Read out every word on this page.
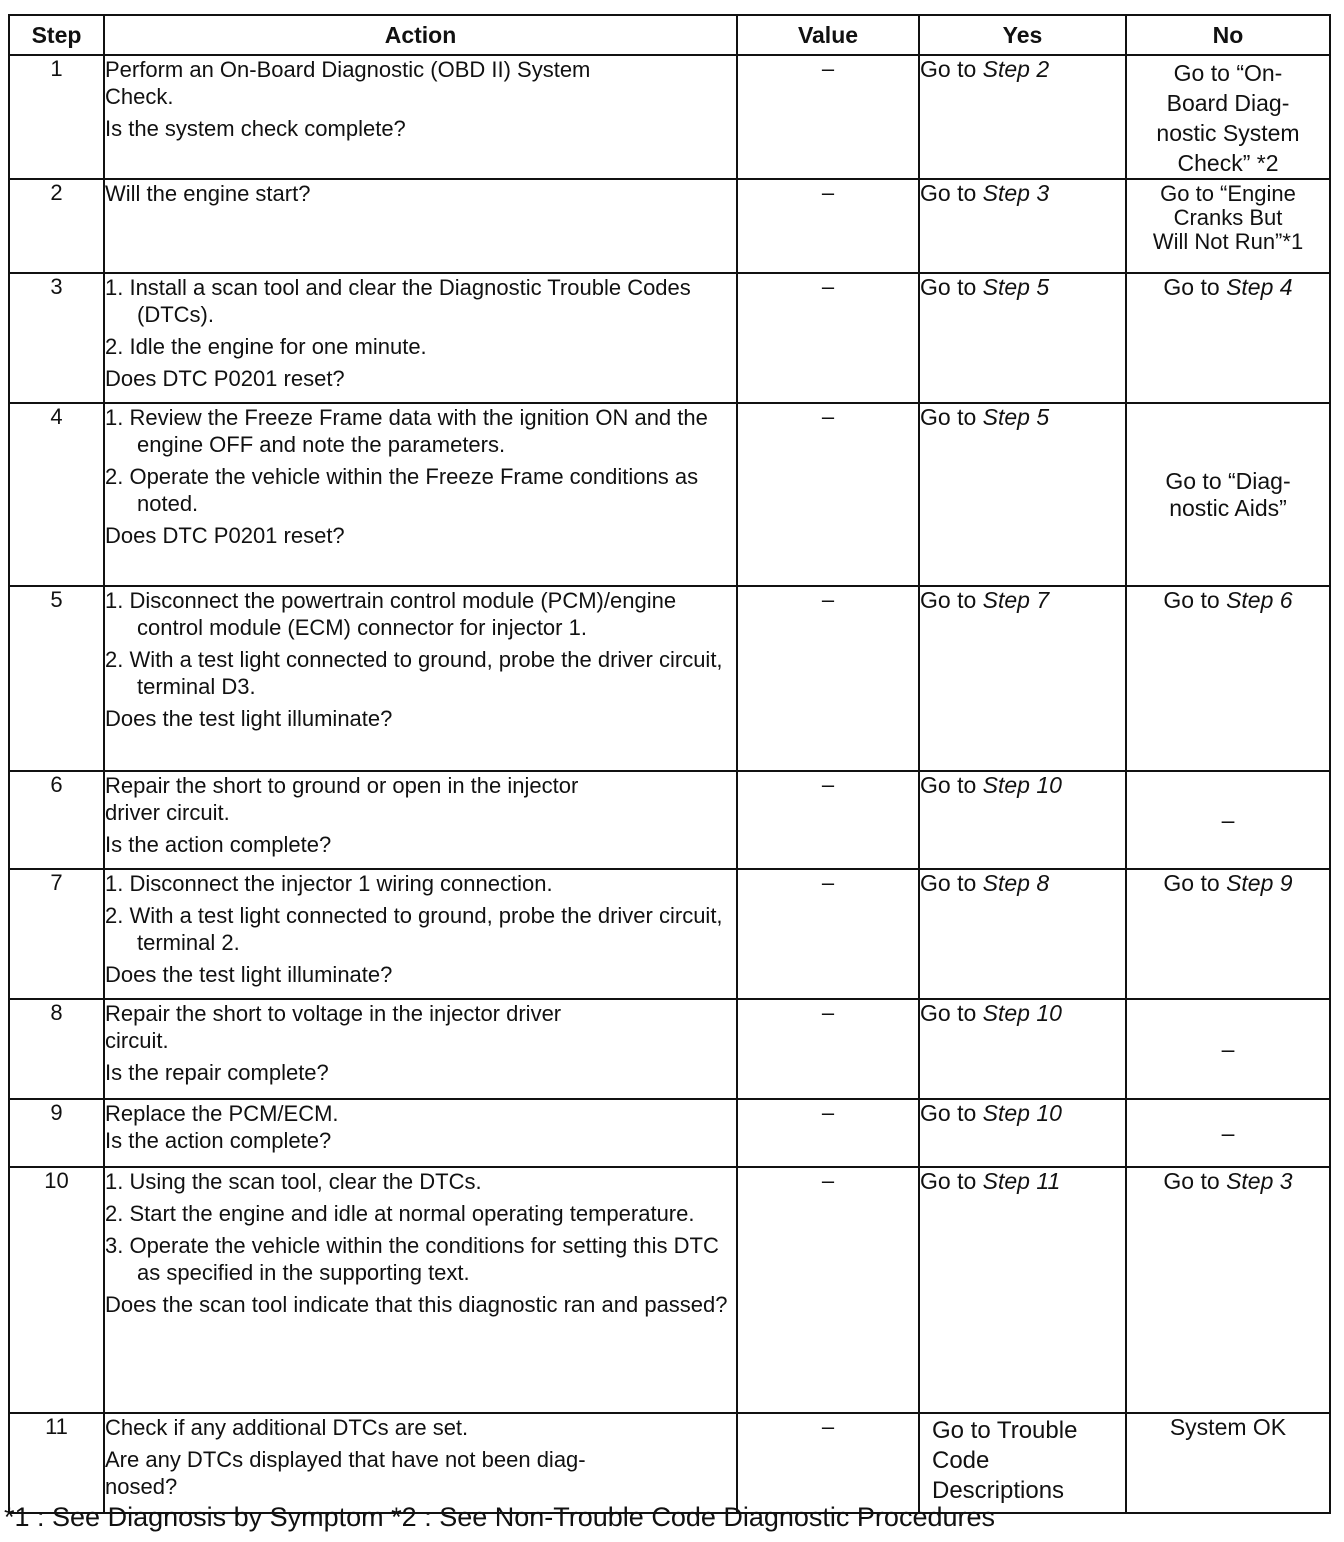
Step	Action	Value	Yes	No
1	Perform an On-Board Diagnostic (OBD II) System
Check.
Is the system check complete?	–	Go to Step 2	Go to “On-
Board Diag-
nostic System
Check” *2

2	Will the engine start?	–	Go to Step 3	Go to “Engine
Cranks But
Will Not Run”*1

3	1. Install a scan tool and clear the Diagnostic Trouble Codes (DTCs).
2. Idle the engine for one minute.
Does DTC P0201 reset?	–	Go to Step 5	Go to Step 4
4	1. Review the Freeze Frame data with the ignition ON and the engine OFF and note the parameters.
2. Operate the vehicle within the Freeze Frame conditions as noted.
Does DTC P0201 reset?	–	Go to Step 5	Go to “Diag-
nostic Aids”

5	1. Disconnect the powertrain control module (PCM)/engine control module (ECM) connector for injector 1.
2. With a test light connected to ground, probe the driver circuit, terminal D3.
Does the test light illuminate?	–	Go to Step 7	Go to Step 6
6	Repair the short to ground or open in the injector
driver circuit.
Is the action complete?	–	Go to Step 10	–
7	1. Disconnect the injector 1 wiring connection.
2. With a test light connected to ground, probe the driver circuit, terminal 2.
Does the test light illuminate?	–	Go to Step 8	Go to Step 9
8	Repair the short to voltage in the injector driver
circuit.
Is the repair complete?	–	Go to Step 10	–
9	Replace the PCM/ECM.
Is the action complete?	–	Go to Step 10	–
10	1. Using the scan tool, clear the DTCs.
2. Start the engine and idle at normal operating temperature.
3. Operate the vehicle within the conditions for setting this DTC as specified in the supporting text.
Does the scan tool indicate that this diagnostic ran and passed?	–	Go to Step 11	Go to Step 3
11	Check if any additional DTCs are set.
Are any DTCs displayed that have not been diag-
nosed?	–	Go to Trouble
Code
Descriptions	System OK
*1 : See Diagnosis by Symptom *2 : See Non-Trouble Code Diagnostic Procedures
